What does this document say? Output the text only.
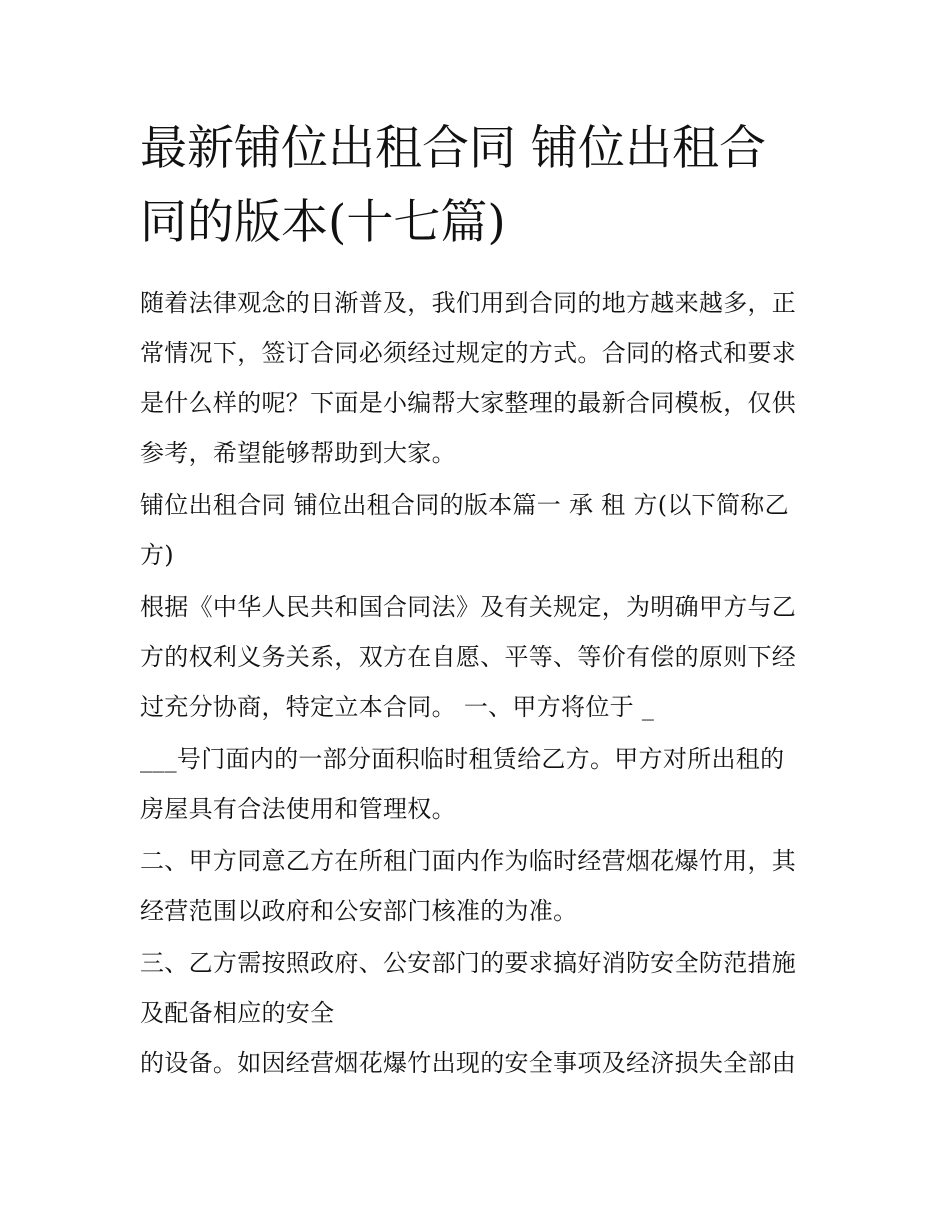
最新铺位出租合同 铺位出租合
同的版本(十七篇)

随着法律观念的日渐普及，我们用到合同的地方越来越多，正

常情况下，签订合同必须经过规定的方式。合同的格式和要求

是什么样的呢？下面是小编帮大家整理的最新合同模板，仅供

参考，希望能够帮助到大家。

铺位出租合同 铺位出租合同的版本篇一 承 租 方(以下简称乙

方)

根据《中华人民共和国合同法》及有关规定，为明确甲方与乙

方的权利义务关系，双方在自愿、平等、等价有偿的原则下经

过充分协商，特定立本合同。 一、甲方将位于 _

___号门面内的一部分面积临时租赁给乙方。甲方对所出租的

房屋具有合法使用和管理权。

二、甲方同意乙方在所租门面内作为临时经营烟花爆竹用，其

经营范围以政府和公安部门核准的为准。

三、乙方需按照政府、公安部门的要求搞好消防安全防范措施

及配备相应的安全

的设备。如因经营烟花爆竹出现的安全事项及经济损失全部由
